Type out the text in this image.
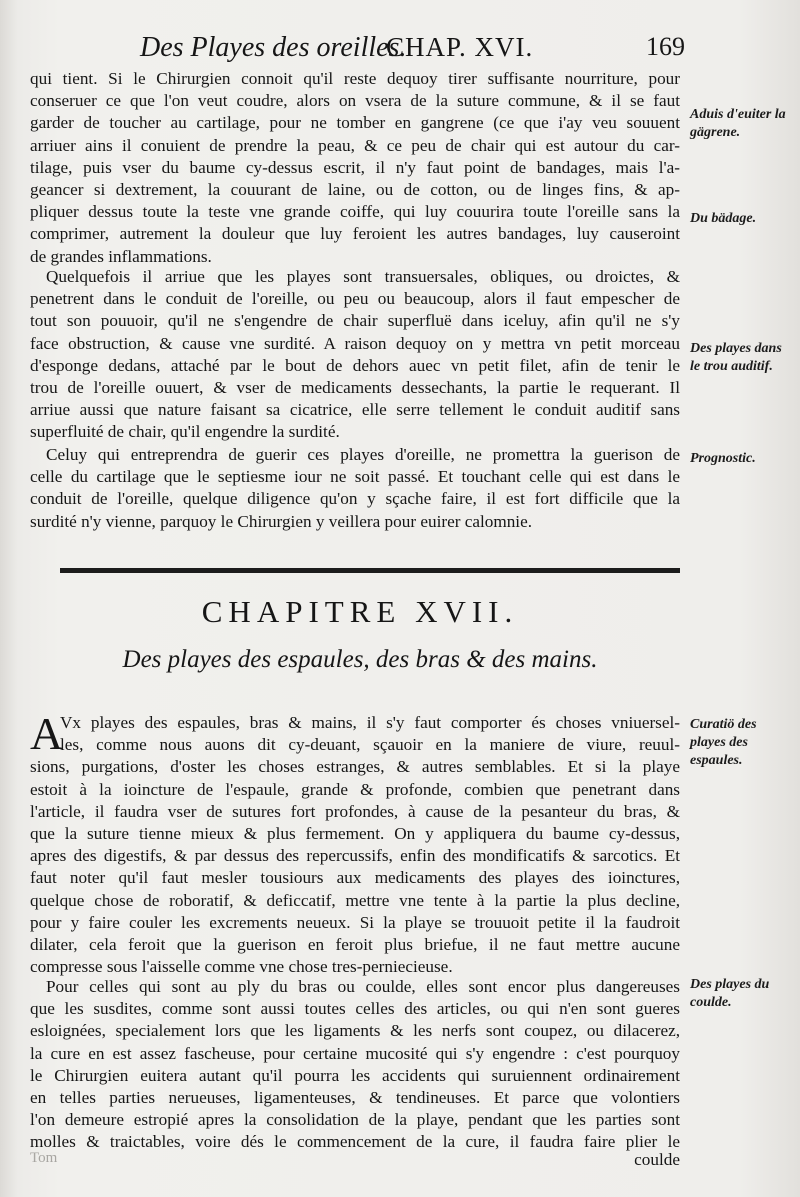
Des Playes des oreilles.
CHAP. XVI.	169
qui tient. Si le Chirurgien connoit qu'il reste dequoy tirer suffisante nourriture, pour
conseruer ce que l'on veut coudre, alors on vsera de la suture commune, & il se faut
garder de toucher au cartilage, pour ne tomber en gangrene (ce que i'ay veu souuent
arriuer ains il conuient de prendre la peau, & ce peu de chair qui est autour du car-
tilage, puis vser du baume cy-dessus escrit, il n'y faut point de bandages, mais l'a-
geancer si dextrement, la couurant de laine, ou de cotton, ou de linges fins, & ap-
pliquer dessus toute la teste vne grande coiffe, qui luy couurira toute l'oreille sans la
comprimer, autrement la douleur que luy feroient les autres bandages, luy causeroint
de grandes inflammations.
Quelquefois il arriue que les playes sont transuersales, obliques, ou droictes, &
penetrent dans le conduit de l'oreille, ou peu ou beaucoup, alors il faut empescher de
tout son pouuoir, qu'il ne s'engendre de chair superfluë dans iceluy, afin qu'il ne s'y
face obstruction, & cause vne surdité. A raison dequoy on y mettra vn petit morceau
d'esponge dedans, attaché par le bout de dehors auec vn petit filet, afin de tenir le
trou de l'oreille ouuert, & vser de medicaments dessechants, la partie le requerant. Il
arriue aussi que nature faisant sa cicatrice, elle serre tellement le conduit auditif sans
superfluité de chair, qu'il engendre la surdité.
Celuy qui entreprendra de guerir ces playes d'oreille, ne promettra la guerison de
celle du cartilage que le septiesme iour ne soit passé. Et touchant celle qui est dans le
conduit de l'oreille, quelque diligence qu'on y sçache faire, il est fort difficile que la
surdité n'y vienne, parquoy le Chirurgien y veillera pour euirer calomnie.
CHAPITRE XVII.
Des playes des espaules, des bras & des mains.
A
Vx playes des espaules, bras & mains, il s'y faut comporter és choses vniuersel-
les, comme nous auons dit cy-deuant, sçauoir en la maniere de viure, reuul-
sions, purgations, d'oster les choses estranges, & autres semblables. Et si la playe
estoit à la ioincture de l'espaule, grande & profonde, combien que penetrant dans
l'article, il faudra vser de sutures fort profondes, à cause de la pesanteur du bras, &
que la suture tienne mieux & plus fermement. On y appliquera du baume cy-dessus,
apres des digestifs, & par dessus des repercussifs, enfin des mondificatifs & sarcotics. Et
faut noter qu'il faut mesler tousiours aux medicaments des playes des ioinctures,
quelque chose de roboratif, & deficcatif, mettre vne tente à la partie la plus decline,
pour y faire couler les excrements neueux. Si la playe se trouuoit petite il la faudroit
dilater, cela feroit que la guerison en feroit plus briefue, il ne faut mettre aucune
compresse sous l'aisselle comme vne chose tres-perniecieuse.
Pour celles qui sont au ply du bras ou coulde, elles sont encor plus dangereuses
que les susdites, comme sont aussi toutes celles des articles, ou qui n'en sont gueres
esloignées, specialement lors que les ligaments & les nerfs sont coupez, ou dilacerez,
la cure en est assez fascheuse, pour certaine mucosité qui s'y engendre : c'est pourquoy
le Chirurgien euitera autant qu'il pourra les accidents qui suruiennent ordinairement
en telles parties nerueuses, ligamenteuses, & tendineuses. Et parce que volontiers
l'on demeure estropié apres la consolidation de la playe, pendant que les parties sont
molles & traictables, voire dés le commencement de la cure, il faudra faire plier le
Tom	coulde
Aduis d'euiter la gägrene.
Du bädage.
Des playes dans le trou auditif.
Prognostic.
Curatiö des playes des espaules.
Des playes du coulde.
